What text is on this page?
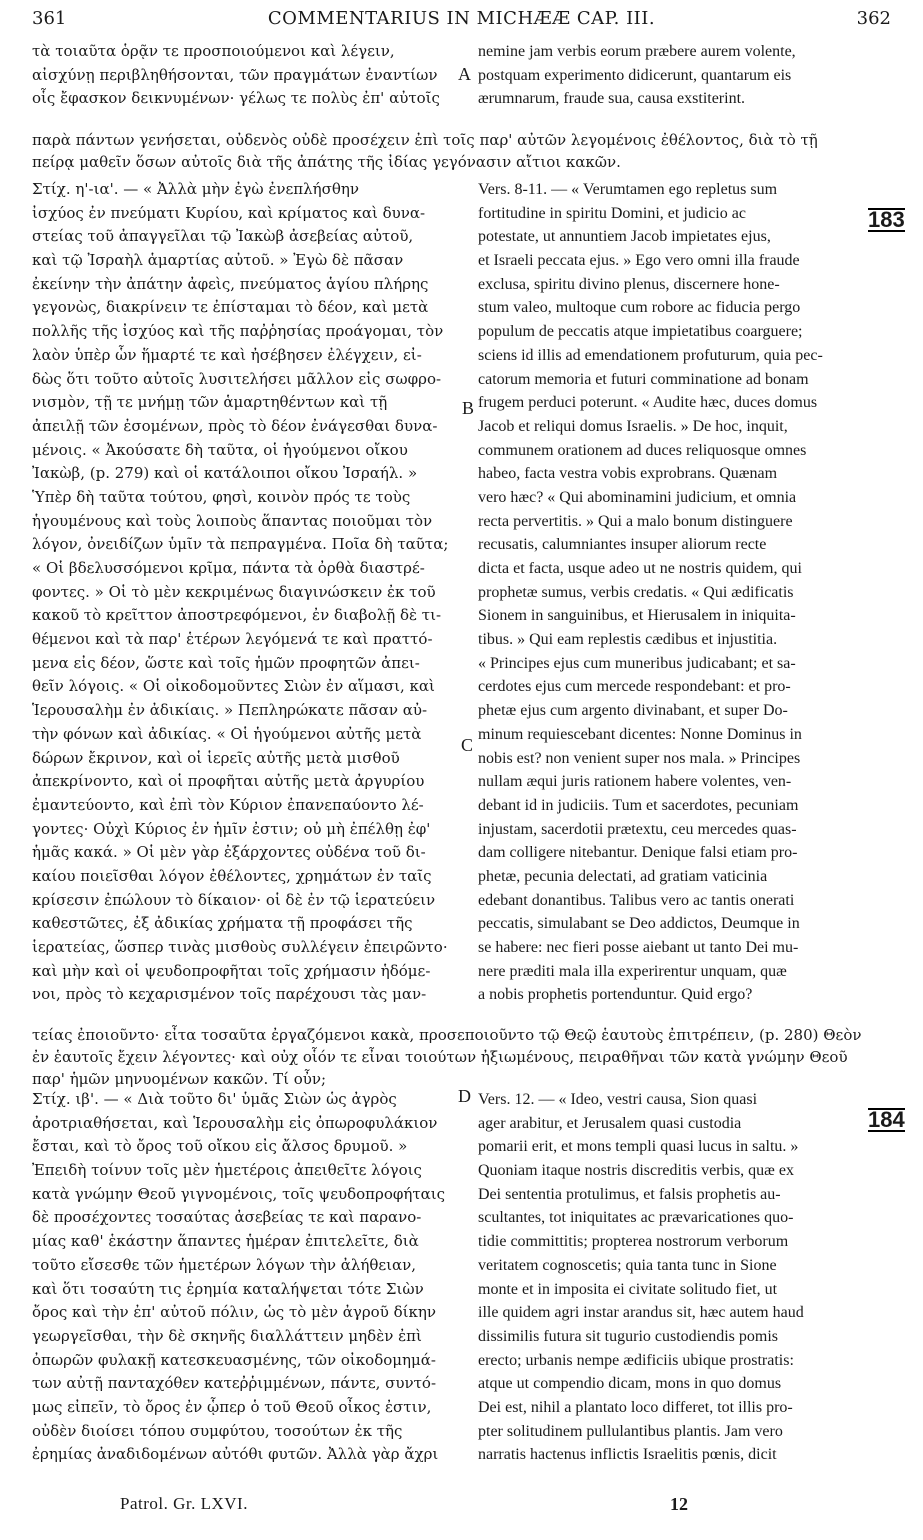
361	COMMENTARIUS IN MICHÆÆ CAP. III.	362
τὰ τοιαῦτα ὁρᾷν τε προσποιούμενοι καὶ λέγειν,
αἰσχύνῃ περιβληθήσονται, τῶν πραγμάτων ἐναντίων
οἷς ἔφασκον δεικνυμένων· γέλως τε πολὺς ἐπ' αὐτοῖς
nemine jam verbis eorum præbere aurem volente,
postquam experimento didicerunt, quantarum eis
ærumnarum, fraude sua, causa exstiterint.
A
παρὰ πάντων γενήσεται, οὐδενὸς οὐδὲ προσέχειν ἐπὶ τοῖς παρ' αὐτῶν λεγομένοις ἐθέλοντος, διὰ τὸ τῇ
πείρᾳ μαθεῖν ὅσων αὐτοῖς διὰ τῆς ἀπάτης τῆς ἰδίας γεγόνασιν αἴτιοι κακῶν.
Στίχ. η'-ια'. — « Ἀλλὰ μὴν ἐγὼ ἐνεπλήσθην
ἰσχύος ἐν πνεύματι Κυρίου, καὶ κρίματος καὶ δυνα-
στείας τοῦ ἀπαγγεῖλαι τῷ Ἰακὼβ ἀσεβείας αὐτοῦ,
καὶ τῷ Ἰσραὴλ ἁμαρτίας αὐτοῦ. » Ἐγὼ δὲ πᾶσαν
ἐκείνην τὴν ἀπάτην ἀφεὶς, πνεύματος ἁγίου πλήρης
γεγονὼς, διακρίνειν τε ἐπίσταμαι τὸ δέον, καὶ μετὰ
πολλῆς τῆς ἰσχύος καὶ τῆς παῤῥησίας προάγομαι, τὸν
λαὸν ὑπὲρ ὧν ἥμαρτέ τε καὶ ἠσέβησεν ἐλέγχειν, εἰ-
δὼς ὅτι τοῦτο αὐτοῖς λυσιτελήσει μᾶλλον εἰς σωφρο-
νισμὸν, τῇ τε μνήμῃ τῶν ἁμαρτηθέντων καὶ τῇ
ἀπειλῇ τῶν ἐσομένων, πρὸς τὸ δέον ἐνάγεσθαι δυνα-
μένοις. « Ἀκούσατε δὴ ταῦτα, οἱ ἡγούμενοι οἴκου
Ἰακὼβ, (p. 279) καὶ οἱ κατάλοιποι οἴκου Ἰσραήλ. »
Ὑπὲρ δὴ ταῦτα τούτου, φησὶ, κοινὸν πρός τε τοὺς
ἡγουμένους καὶ τοὺς λοιποὺς ἅπαντας ποιοῦμαι τὸν
λόγον, ὀνειδίζων ὑμῖν τὰ πεπραγμένα. Ποῖα δὴ ταῦτα;
« Οἱ βδελυσσόμενοι κρῖμα, πάντα τὰ ὀρθὰ διαστρέ-
φοντες. » Οἱ τὸ μὲν κεκριμένως διαγινώσκειν ἐκ τοῦ
κακοῦ τὸ κρεῖττον ἀποστρεφόμενοι, ἐν διαβολῇ δὲ τι-
θέμενοι καὶ τὰ παρ' ἑτέρων λεγόμενά τε καὶ πραττό-
μενα εἰς δέον, ὥστε καὶ τοῖς ἡμῶν προφητῶν ἀπει-
θεῖν λόγοις. « Οἱ οἰκοδομοῦντες Σιὼν ἐν αἵμασι, καὶ
Ἱερουσαλὴμ ἐν ἀδικίαις. » Πεπληρώκατε πᾶσαν αὐ-
τὴν φόνων καὶ ἀδικίας. « Οἱ ἡγούμενοι αὐτῆς μετὰ
δώρων ἔκρινον, καὶ οἱ ἱερεῖς αὐτῆς μετὰ μισθοῦ
ἀπεκρίνοντο, καὶ οἱ προφῆται αὐτῆς μετὰ ἀργυρίου
ἐμαντεύοντο, καὶ ἐπὶ τὸν Κύριον ἐπανεπαύοντο λέ-
γοντες· Οὐχὶ Κύριος ἐν ἡμῖν ἐστιν; οὐ μὴ ἐπέλθῃ ἐφ'
ἡμᾶς κακά. » Οἱ μὲν γὰρ ἐξάρχοντες οὐδένα τοῦ δι-
καίου ποιεῖσθαι λόγον ἐθέλοντες, χρημάτων ἐν ταῖς
κρίσεσιν ἐπώλουν τὸ δίκαιον· οἱ δὲ ἐν τῷ ἱερατεύειν
καθεστῶτες, ἐξ ἀδικίας χρήματα τῇ προφάσει τῆς
ἱερατείας, ὥσπερ τινὰς μισθοὺς συλλέγειν ἐπειρῶντο·
καὶ μὴν καὶ οἱ ψευδοπροφῆται τοῖς χρήμασιν ἡδόμε-
νοι, πρὸς τὸ κεχαρισμένον τοῖς παρέχουσι τὰς μαν-
Vers. 8-11. — « Verumtamen ego repletus sum
fortitudine in spiritu Domini, et judicio ac
potestate, ut annuntiem Jacob impietates ejus,
et Israeli peccata ejus. » Ego vero omni illa fraude
exclusa, spiritu divino plenus, discernere hone-
stum valeo, multoque cum robore ac fiducia pergo
populum de peccatis atque impietatibus coarguere;
sciens id illis ad emendationem profuturum, quia pec-
catorum memoria et futuri comminatione ad bonam
frugem perduci poterunt. « Audite hæc, duces domus
Jacob et reliqui domus Israelis. » De hoc, inquit,
communem orationem ad duces reliquosque omnes
habeo, facta vestra vobis exprobrans. Quænam
vero hæc? « Qui abominamini judicium, et omnia
recta pervertitis. » Qui a malo bonum distinguere
recusatis, calumniantes insuper aliorum recte
dicta et facta, usque adeo ut ne nostris quidem, qui
prophetæ sumus, verbis credatis. « Qui ædificatis
Sionem in sanguinibus, et Hierusalem in iniquita-
tibus. » Qui eam replestis cædibus et injustitia.
« Principes ejus cum muneribus judicabant; et sa-
cerdotes ejus cum mercede respondebant: et pro-
phetæ ejus cum argento divinabant, et super Do-
minum requiescebant dicentes: Nonne Dominus in
nobis est? non venient super nos mala. » Principes
nullam æqui juris rationem habere volentes, ven-
debant id in judiciis. Tum et sacerdotes, pecuniam
injustam, sacerdotii prætextu, ceu mercedes quas-
dam colligere nitebantur. Denique falsi etiam pro-
phetæ, pecunia delectati, ad gratiam vaticinia
edebant donantibus. Talibus vero ac tantis onerati
peccatis, simulabant se Deo addictos, Deumque in
se habere: nec fieri posse aiebant ut tanto Dei mu-
nere præditi mala illa experirentur unquam, quæ
a nobis prophetis portenduntur. Quid ergo?
B
C
183
τείας ἐποιοῦντο· εἶτα τοσαῦτα ἐργαζόμενοι κακὰ, προσεποιοῦντο τῷ Θεῷ ἑαυτοὺς ἐπιτρέπειν, (p. 280) Θεὸν
ἐν ἑαυτοῖς ἔχειν λέγοντες· καὶ οὐχ οἷόν τε εἶναι τοιούτων ἠξιωμένους, πειραθῆναι τῶν κατὰ γνώμην Θεοῦ
παρ' ἡμῶν μηνυομένων κακῶν. Τί οὖν;
Στίχ. ιβ'. — « Διὰ τοῦτο δι' ὑμᾶς Σιὼν ὡς ἀγρὸς
ἀροτριαθήσεται, καὶ Ἱερουσαλὴμ εἰς ὀπωροφυλάκιον
ἔσται, καὶ τὸ ὄρος τοῦ οἴκου εἰς ἄλσος δρυμοῦ. »
Ἐπειδὴ τοίνυν τοῖς μὲν ἡμετέροις ἀπειθεῖτε λόγοις
κατὰ γνώμην Θεοῦ γιγνομένοις, τοῖς ψευδοπροφήταις
δὲ προσέχοντες τοσαύτας ἀσεβείας τε καὶ παρανο-
μίας καθ' ἑκάστην ἅπαντες ἡμέραν ἐπιτελεῖτε, διὰ
τοῦτο εἴσεσθε τῶν ἡμετέρων λόγων τὴν ἀλήθειαν,
καὶ ὅτι τοσαύτη τις ἐρημία καταλήψεται τότε Σιὼν
ὄρος καὶ τὴν ἐπ' αὐτοῦ πόλιν, ὡς τὸ μὲν ἀγροῦ δίκην
γεωργεῖσθαι, τὴν δὲ σκηνῆς διαλλάττειν μηδὲν ἐπὶ
ὀπωρῶν φυλακῇ κατεσκευασμένης, τῶν οἰκοδομημά-
των αὐτῇ πανταχόθεν κατεῤῥιμμένων, πάντε, συντό-
μως εἰπεῖν, τὸ ὄρος ἐν ᾧπερ ὁ τοῦ Θεοῦ οἶκος ἐστιν,
οὐδὲν διοίσει τόπου συμφύτου, τοσούτων ἐκ τῆς
ἐρημίας ἀναδιδομένων αὐτόθι φυτῶν. Ἀλλὰ γὰρ ἄχρι
Vers. 12. — « Ideo, vestri causa, Sion quasi
ager arabitur, et Jerusalem quasi custodia
pomarii erit, et mons templi quasi lucus in saltu. »
Quoniam itaque nostris discreditis verbis, quæ ex
Dei sententia protulimus, et falsis prophetis au-
scultantes, tot iniquitates ac prævaricationes quo-
tidie committitis; propterea nostrorum verborum
veritatem cognoscetis; quia tanta tunc in Sione
monte et in imposita ei civitate solitudo fiet, ut
ille quidem agri instar arandus sit, hæc autem haud
dissimilis futura sit tugurio custodiendis pomis
erecto; urbanis nempe ædificiis ubique prostratis:
atque ut compendio dicam, mons in quo domus
Dei est, nihil a plantato loco differet, tot illis pro-
pter solitudinem pullulantibus plantis. Jam vero
narratis hactenus inflictis Israelitis pœnis, dicit
D
184
Patrol. Gr. LXVI.	12
